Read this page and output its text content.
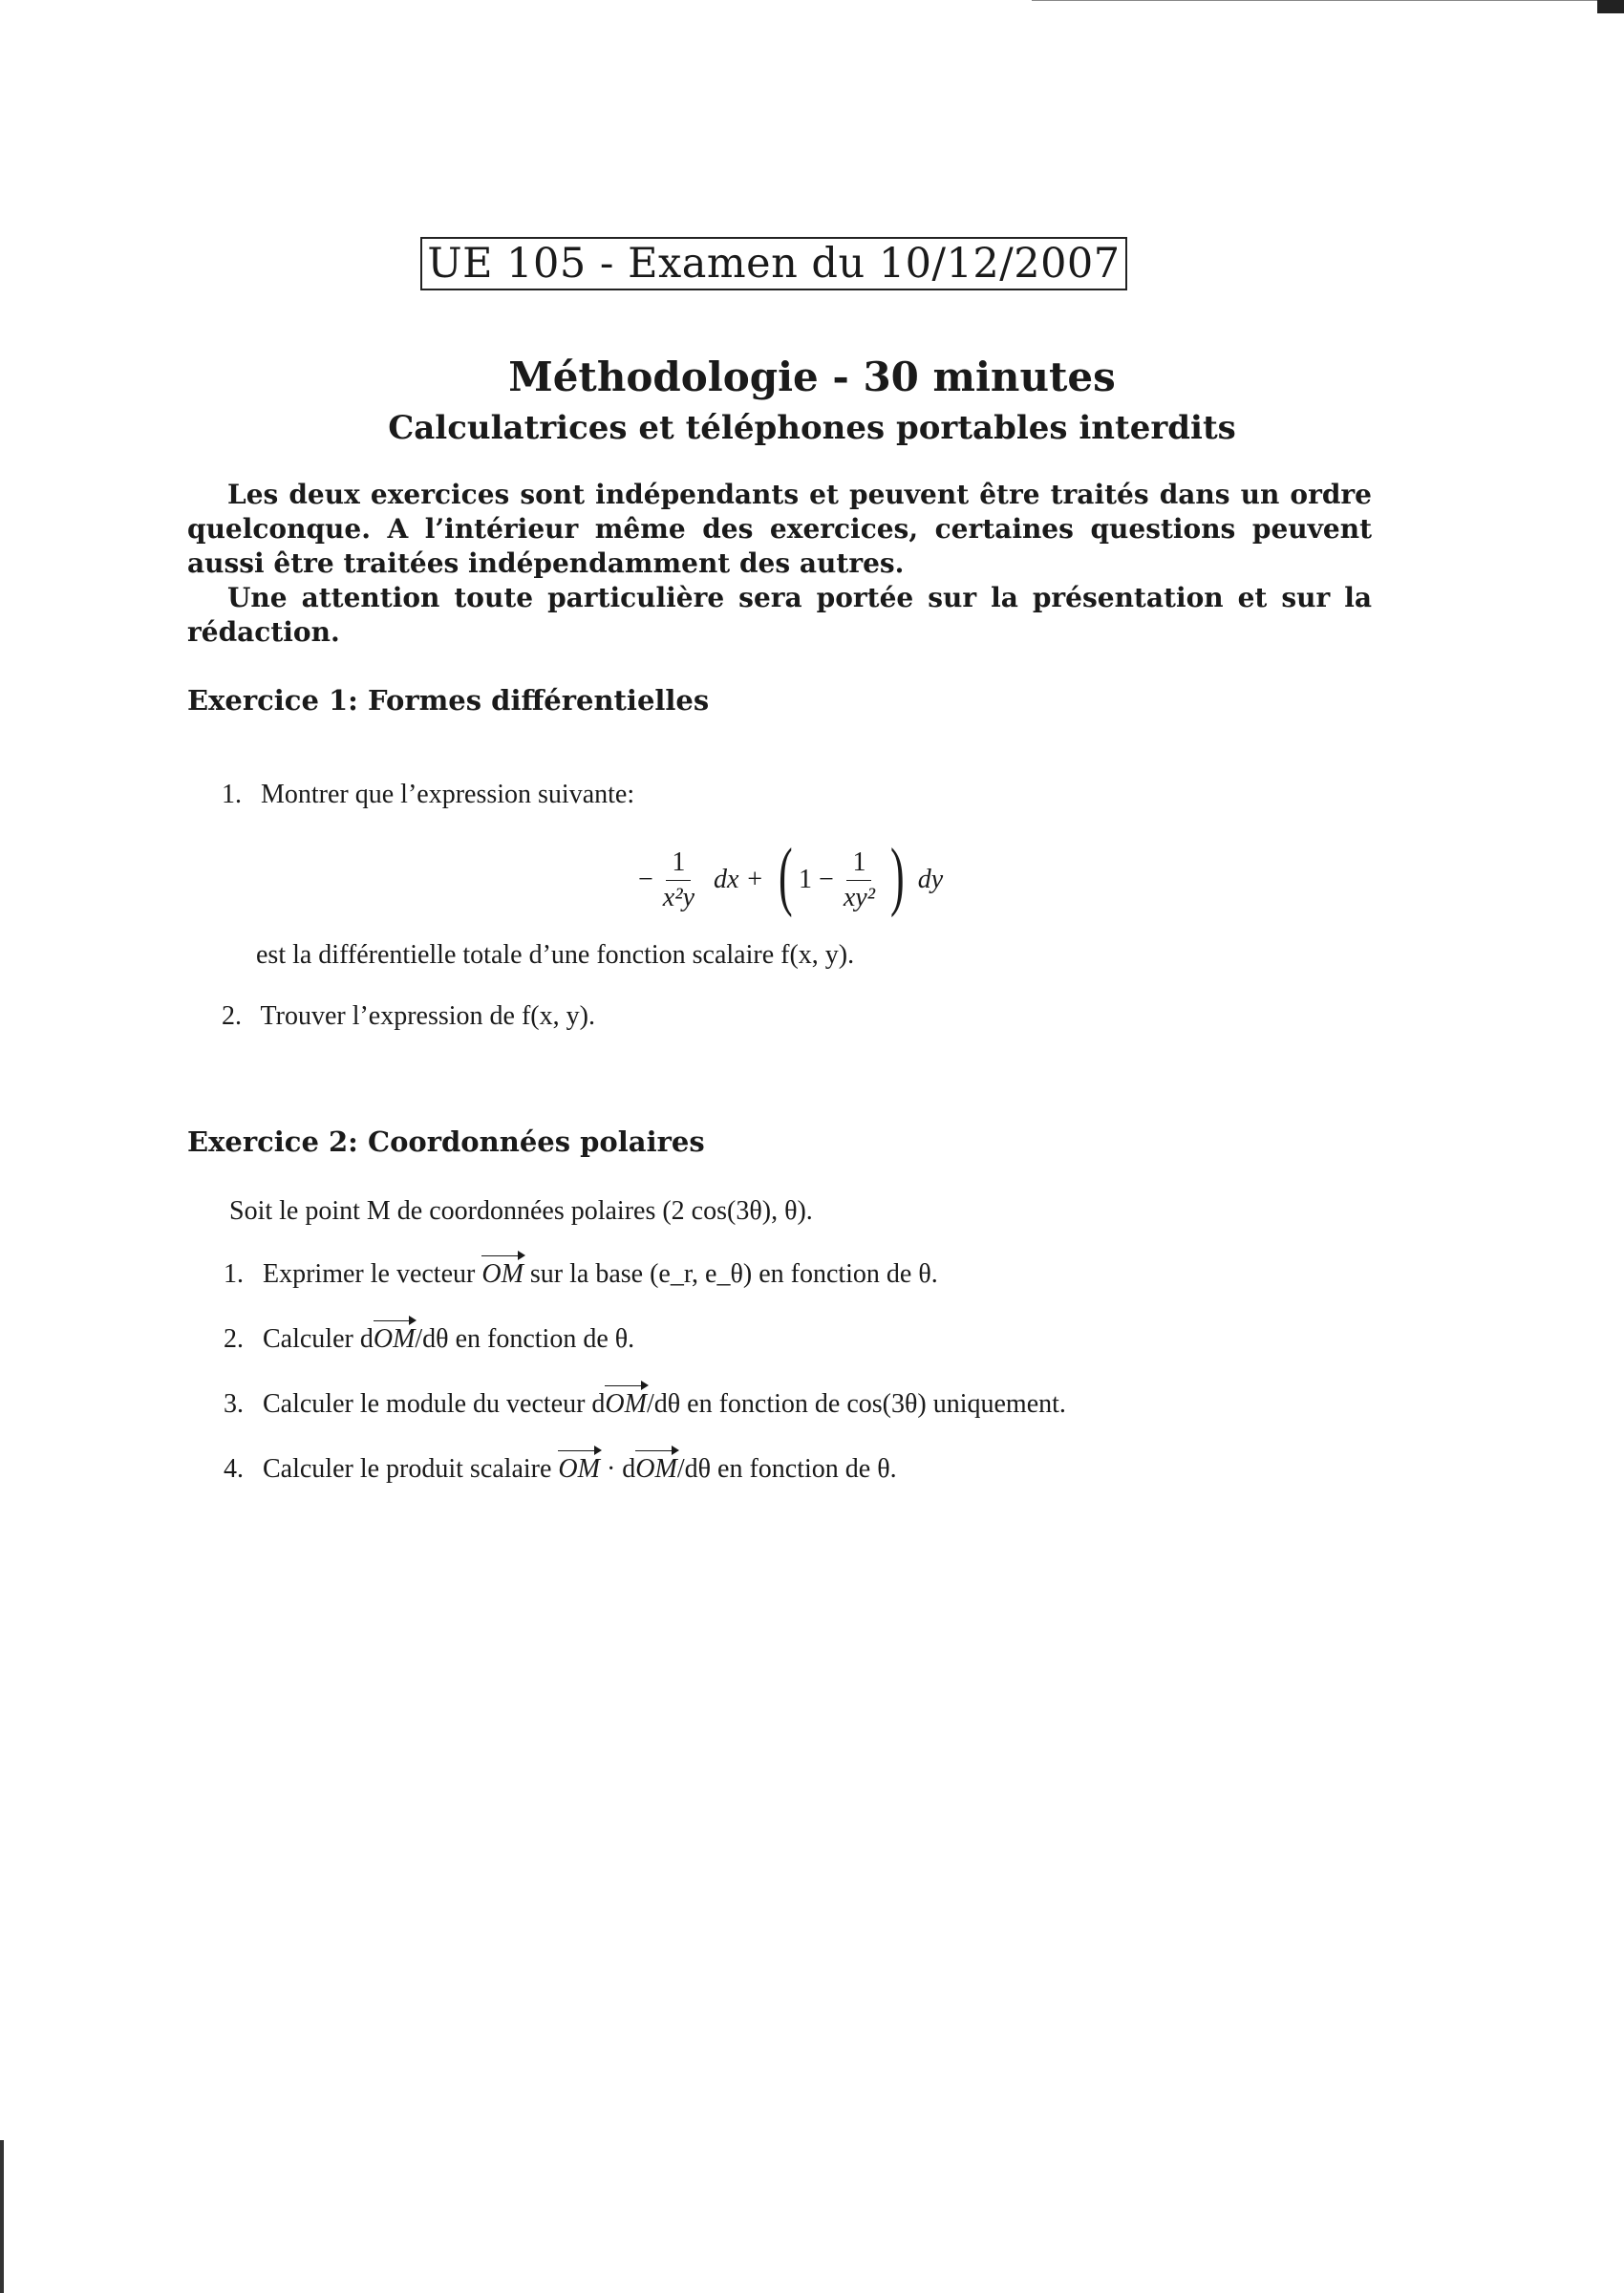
UE 105 - Examen du 10/12/2007
Méthodologie - 30 minutes
Calculatrices et téléphones portables interdits

Les deux exercices sont indépendants et peuvent être traités dans un ordre quelconque. A l’intérieur même des exercices, certaines questions peuvent aussi être traitées indépendamment des autres.

Une attention toute particulière sera portée sur la présentation et sur la rédaction.

Exercice 1: Formes différentielles
1. Montrer que l’expression suivante:
− $\frac{1}{\text{x²y}}$ dx + ( $1 - \frac{1}{\text{xy²}}$ ) dy
est la différentielle totale d’une fonction scalaire f(x, y).
2. Trouver l’expression de f(x, y).
Exercice 2: Coordonnées polaires
Soit le point M de coordonnées polaires (2 cos(3θ), θ).
1. Exprimer le vecteur OM sur la base (e_r, e_θ) en fonction de θ.
2. Calculer dOM/dθ en fonction de θ.
3. Calculer le module du vecteur dOM/dθ en fonction de cos(3θ) uniquement.
4. Calculer le produit scalaire OM · dOM/dθ en fonction de θ.
